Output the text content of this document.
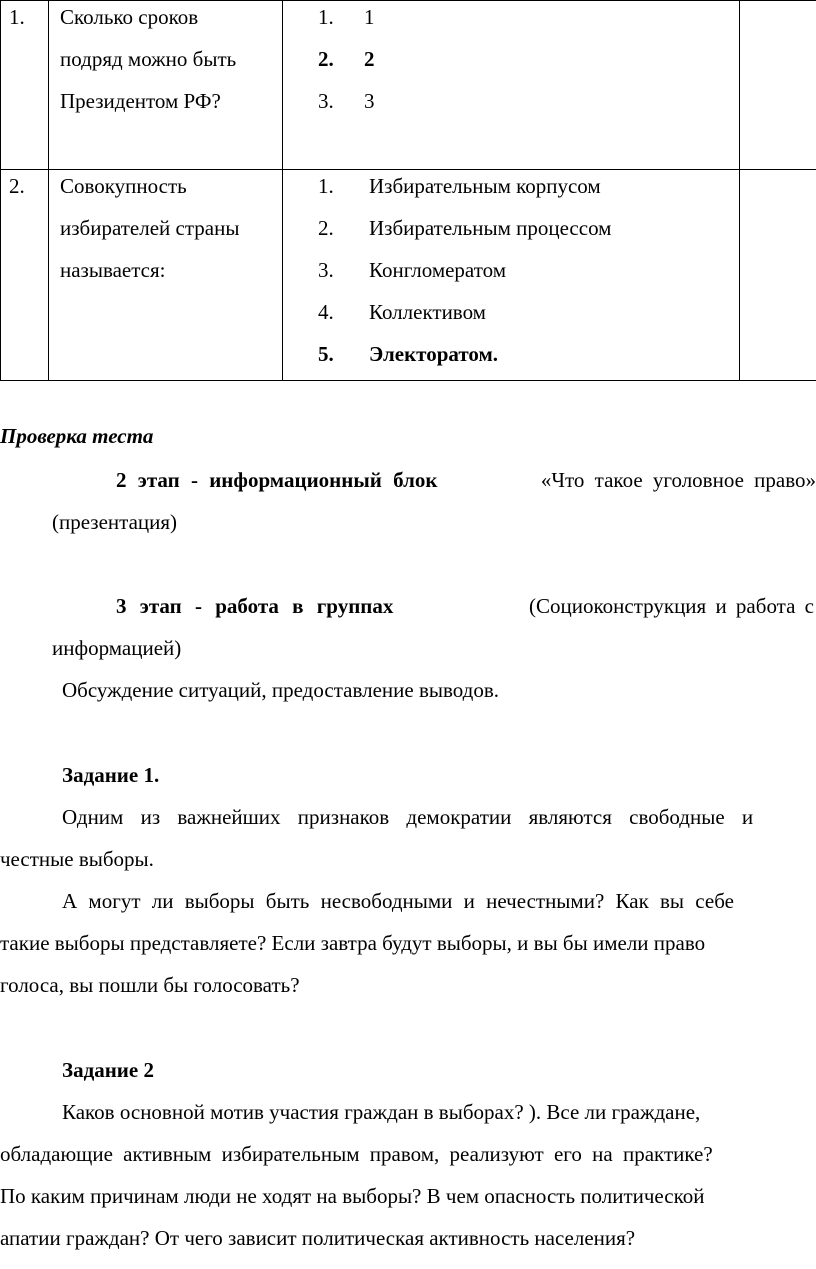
1. Сколько сроков
подряд можно быть
Президентом РФ?
1. 1
2. 2
3. 3
2. Совокупность
избирателей страны
называется:
1. Избирательным корпусом
2. Избирательным процессом
3. Конгломератом
4. Коллективом
5. Электоратом.
Проверка теста
2 этап - информационный блок	«Что такое уголовное право»
(презентация)
3 этап - работа в группах	(Социоконструкция и работа с
информацией)
Обсуждение ситуаций, предоставление выводов.
Задание 1.
Одним из важнейших признаков демократии являются свободные и
честные выборы.
А могут ли выборы быть несвободными и нечестными? Как вы себе
такие выборы представляете? Если завтра будут выборы, и вы бы имели право
голоса, вы пошли бы голосовать?
Задание 2
Каков основной мотив участия граждан в выборах? ). Все ли граждане,
обладающие активным избирательным правом, реализуют его на практике?
По каким причинам люди не ходят на выборы? В чем опасность политической
апатии граждан? От чего зависит политическая активность населения?
